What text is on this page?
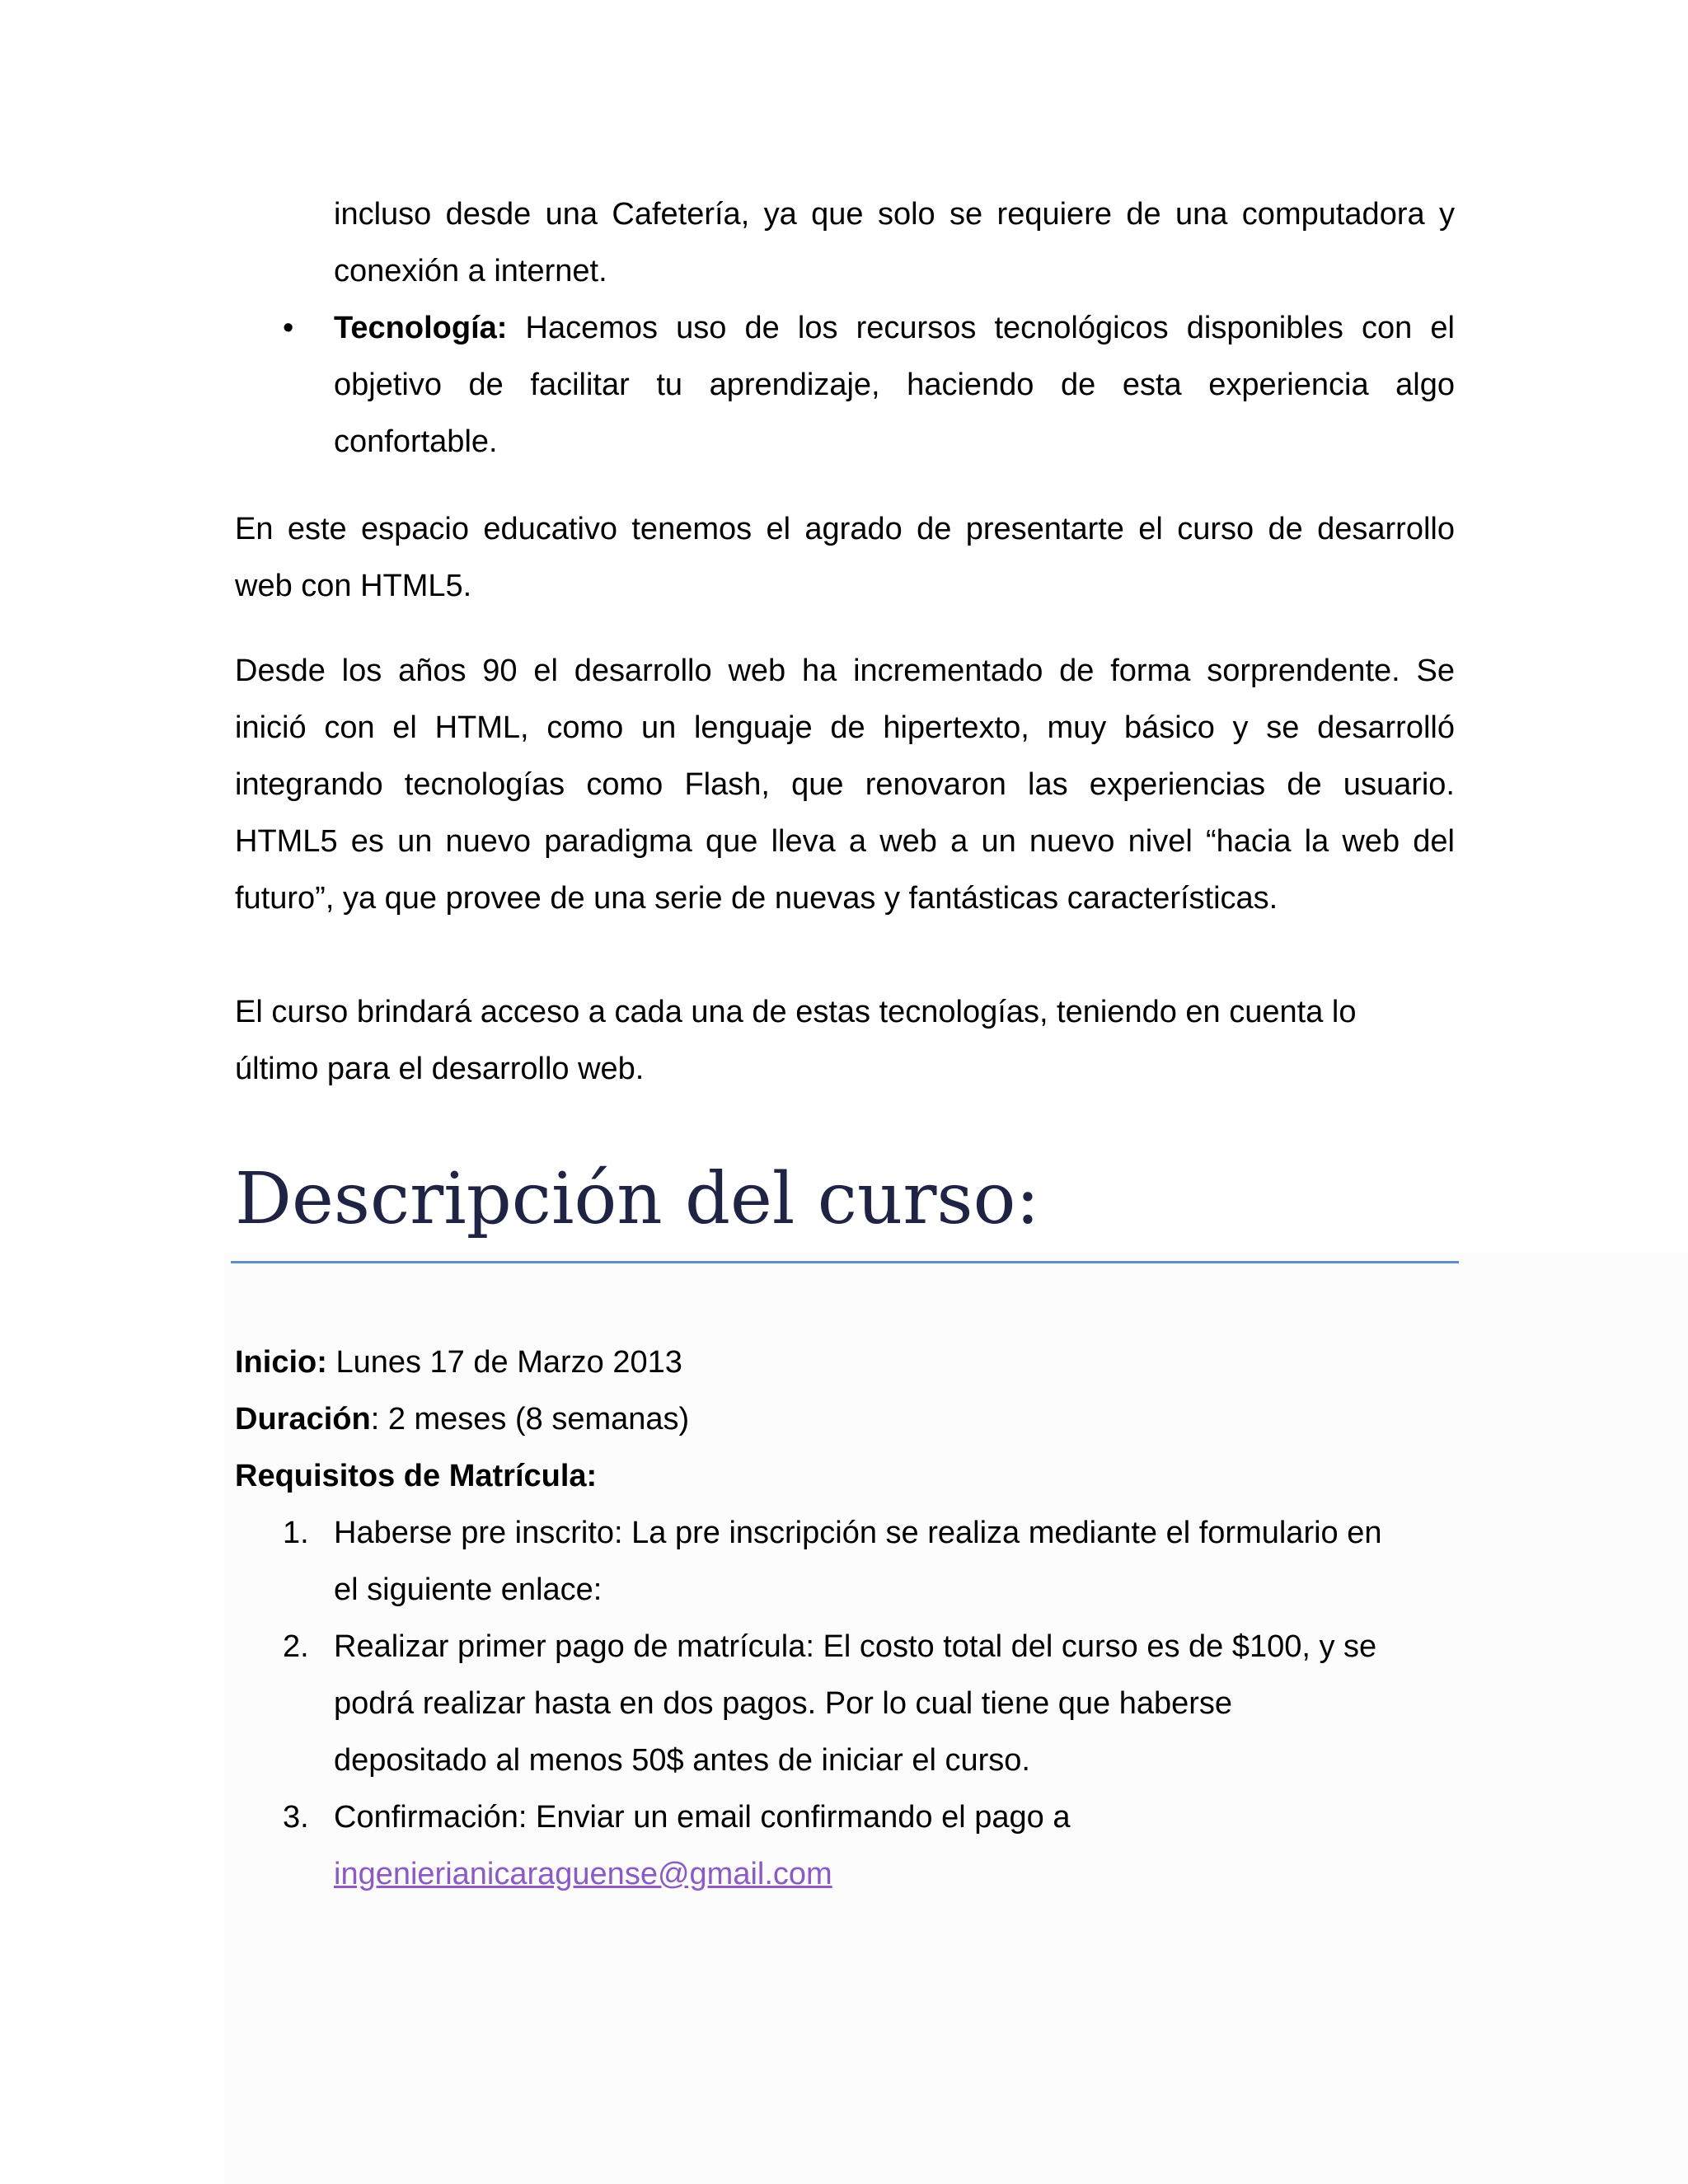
incluso desde una Cafetería, ya que solo se requiere de una computadora y
conexión a internet.
• Tecnología: Hacemos uso de los recursos tecnológicos disponibles con el
objetivo de facilitar tu aprendizaje, haciendo de esta experiencia algo
confortable.
En este espacio educativo tenemos el agrado de presentarte el curso de desarrollo
web con HTML5.
Desde los años 90 el desarrollo web ha incrementado de forma sorprendente. Se
inició con el HTML, como un lenguaje de hipertexto, muy básico y se desarrolló
integrando tecnologías como Flash, que renovaron las experiencias de usuario.
HTML5 es un nuevo paradigma que lleva a web a un nuevo nivel “hacia la web del
futuro”, ya que provee de una serie de nuevas y fantásticas características.
El curso brindará acceso a cada una de estas tecnologías, teniendo en cuenta lo
último para el desarrollo web.
Descripción del curso:
Inicio: Lunes 17 de Marzo 2013
Duración: 2 meses (8 semanas)
Requisitos de Matrícula:
1. Haberse pre inscrito: La pre inscripción se realiza mediante el formulario en
el siguiente enlace:
2. Realizar primer pago de matrícula: El costo total del curso es de $100, y se
podrá realizar hasta en dos pagos. Por lo cual tiene que haberse
depositado al menos 50$ antes de iniciar el curso.
3. Confirmación: Enviar un email confirmando el pago a
ingenierianicaraguense@gmail.com
